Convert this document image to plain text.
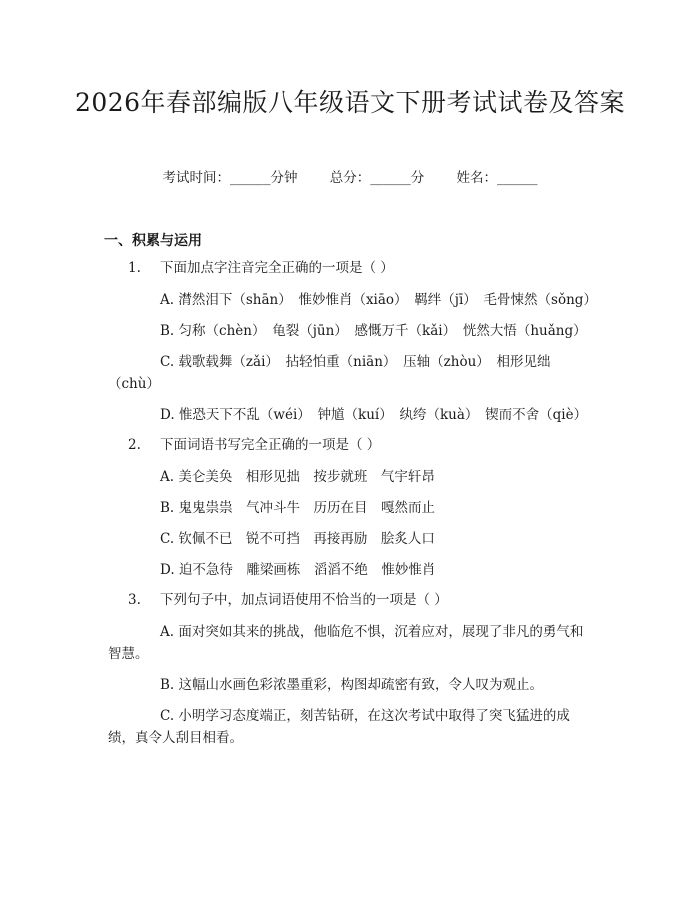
2026年春部编版八年级语文下册考试试卷及答案
考试时间：______分钟 总分：______分 姓名：______
一、积累与运用
1. 下面加点字注音完全正确的一项是（ ）
A. 潸然泪下（shān）　惟妙惟肖（xiāo）　羁绊（jī）　毛骨悚然（sǒng）
B. 匀称（chèn）　龟裂（jūn）　感慨万千（kǎi）　恍然大悟（huǎng）
C. 载歌载舞（zǎi）　拈轻怕重（niān）　压轴（zhòu）　相形见绌（chù）
D. 惟恐天下不乱（wéi）　钟馗（kuí）　纨绔（kuà）　锲而不舍（qiè）
2. 下面词语书写完全正确的一项是（ ）
A. 美仑美奂　相形见拙　按步就班　气宇轩昂
B. 鬼鬼祟祟　气冲斗牛　历历在目　嘎然而止
C. 钦佩不已　锐不可挡　再接再励　脍炙人口
D. 迫不急待　雕梁画栋　滔滔不绝　惟妙惟肖
3. 下列句子中，加点词语使用不恰当的一项是（ ）
A. 面对突如其来的挑战，他临危不惧，沉着应对，展现了非凡的勇气和智慧。
B. 这幅山水画色彩浓墨重彩，构图却疏密有致，令人叹为观止。
C. 小明学习态度端正，刻苦钻研，在这次考试中取得了突飞猛进的成绩，真令人刮目相看。
